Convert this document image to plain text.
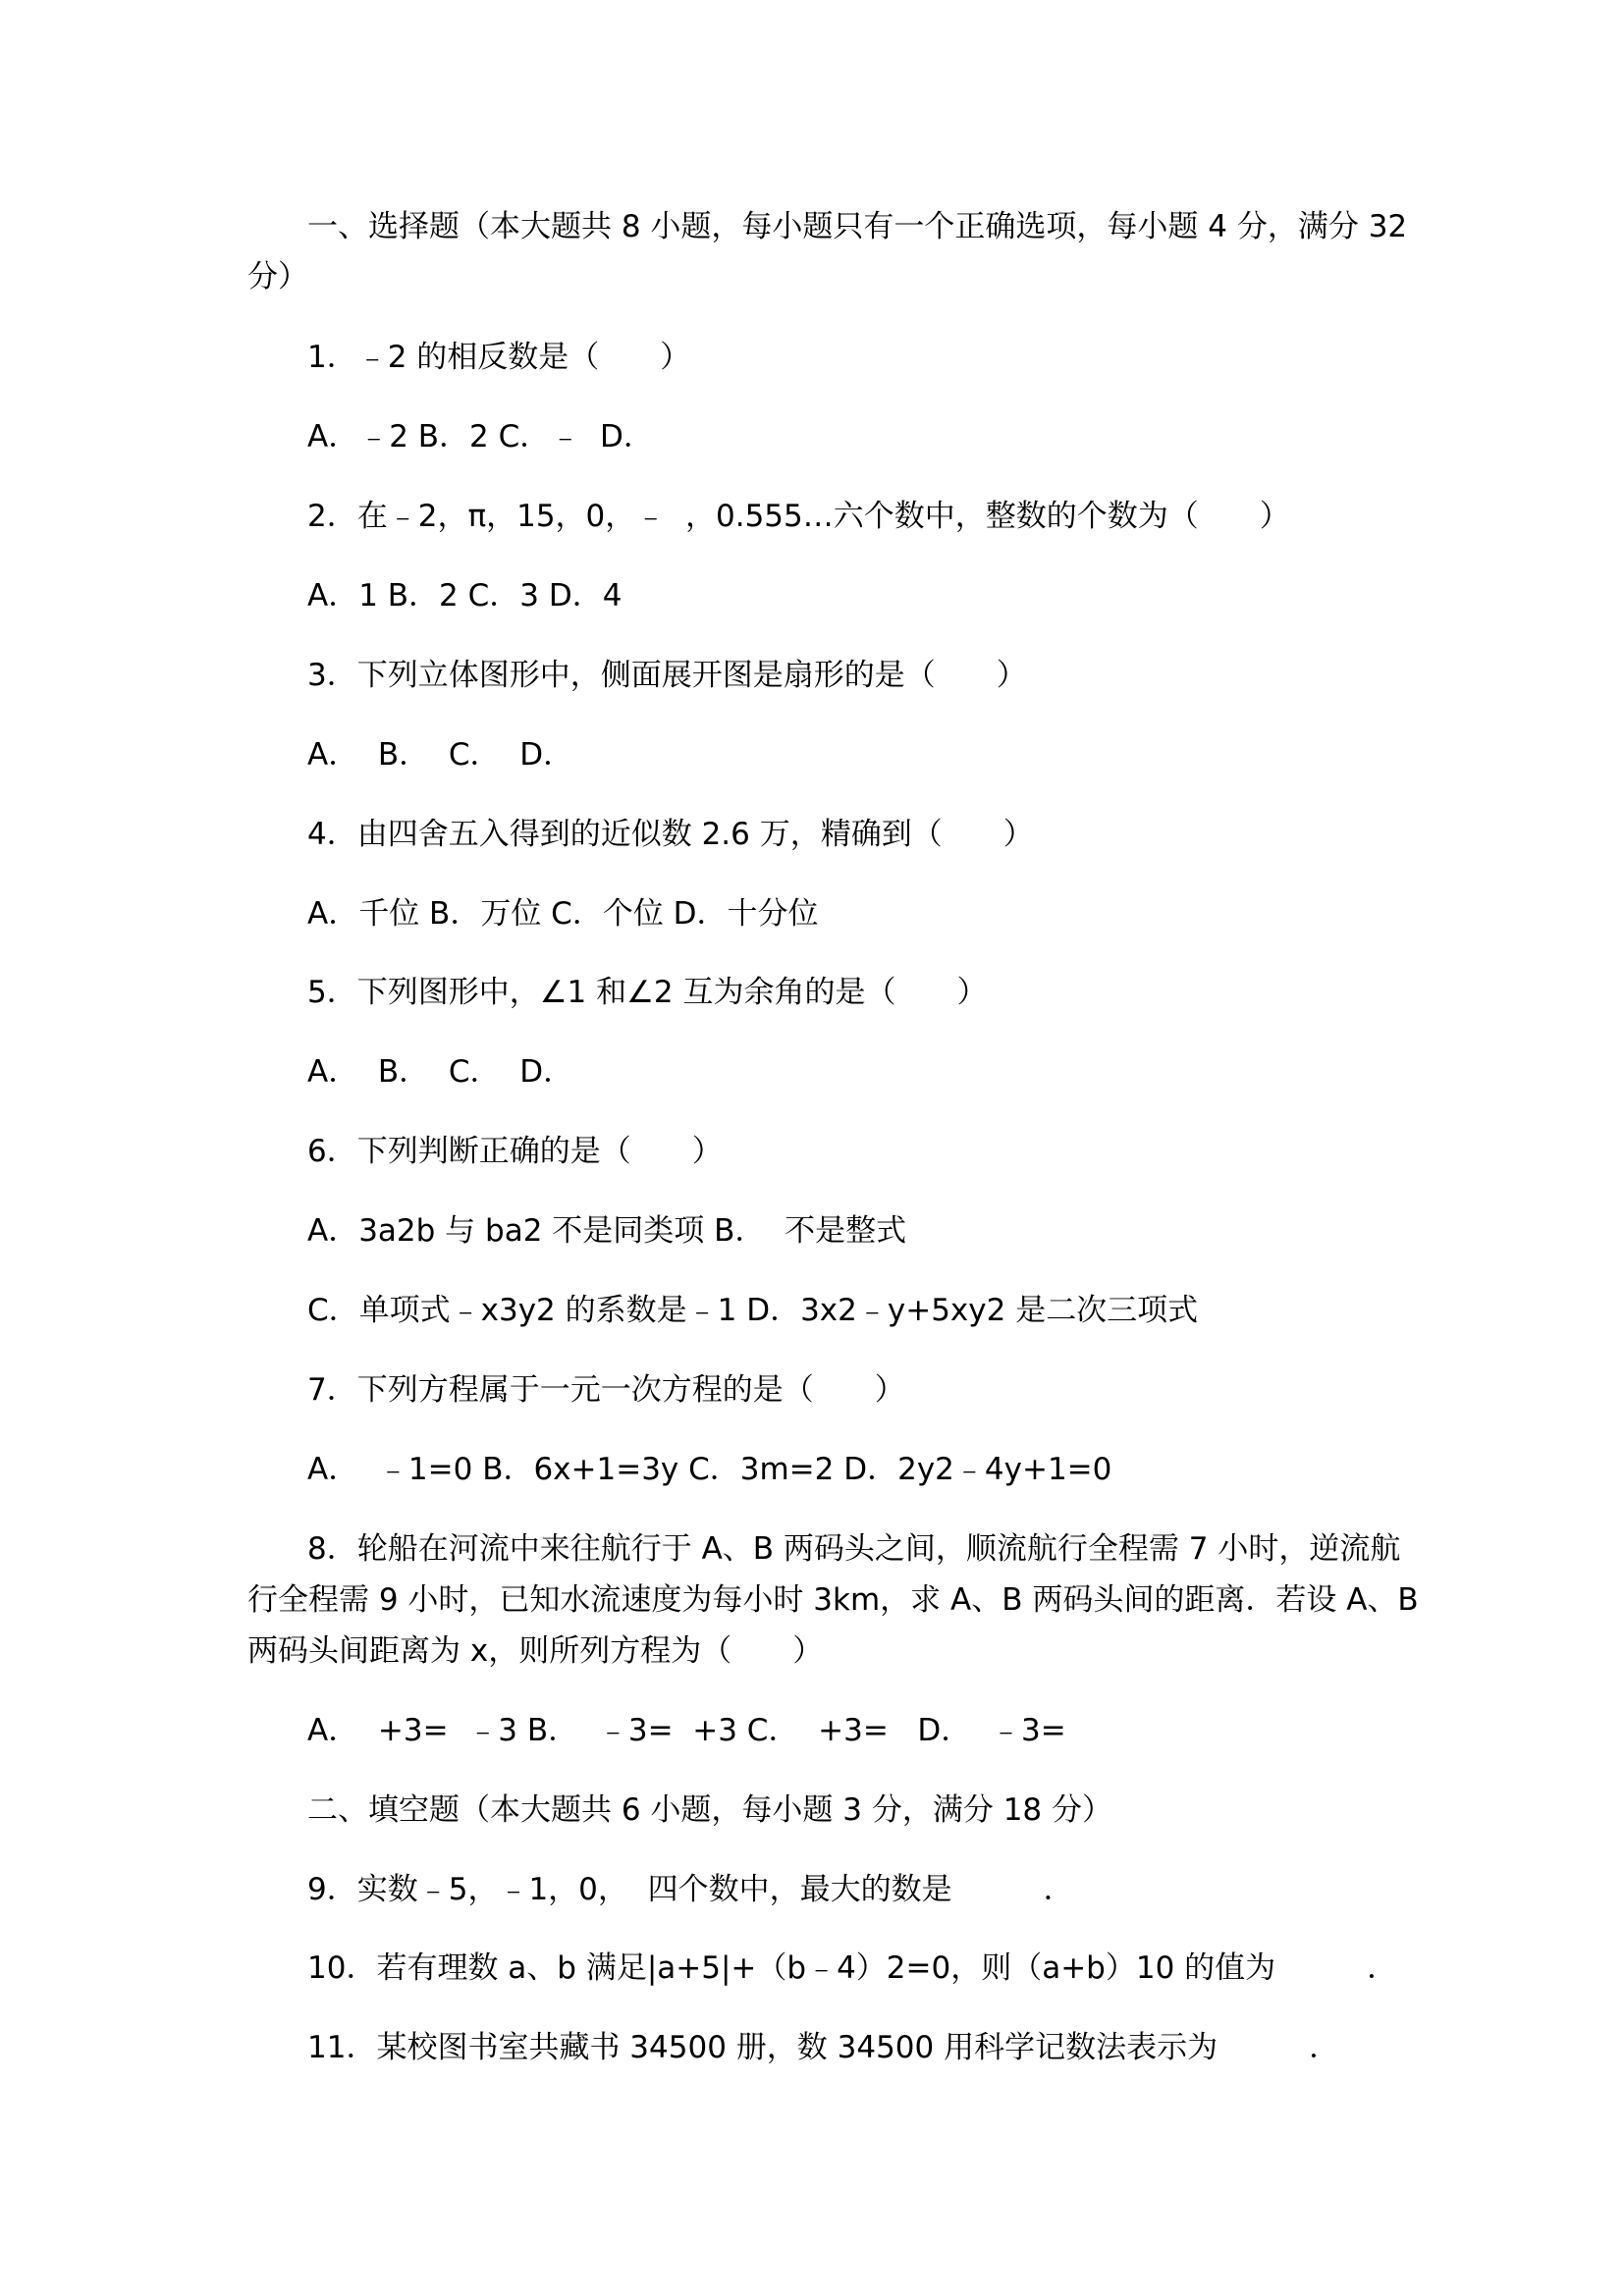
一、选择题（本大题共 8 小题，每小题只有一个正确选项，每小题 4 分，满分 32
分）
1．﹣2 的相反数是（　　）
A．﹣2 B．2 C．﹣  D．
2．在﹣2，π，15，0，﹣  ，0.555…六个数中，整数的个数为（　　）
A．1 B．2 C．3 D．4
3．下列立体图形中，侧面展开图是扇形的是（　　）
A．  B．  C．  D．
4．由四舍五入得到的近似数 2.6 万，精确到（　　）
A．千位 B．万位 C．个位 D．十分位
5．下列图形中，∠1 和∠2 互为余角的是（　　）
A．  B．  C．  D．
6．下列判断正确的是（　　）
A．3a2b 与 ba2 不是同类项 B．  不是整式
C．单项式﹣x3y2 的系数是﹣1 D．3x2﹣y+5xy2 是二次三项式
7．下列方程属于一元一次方程的是（　　）
A．  ﹣1=0 B．6x+1=3y C．3m=2 D．2y2﹣4y+1=0
8．轮船在河流中来往航行于 A、B 两码头之间，顺流航行全程需 7 小时，逆流航
行全程需 9 小时，已知水流速度为每小时 3km，求 A、B 两码头间的距离．若设 A、B
两码头间距离为 x，则所列方程为（　　）
A．  +3=  ﹣3 B．  ﹣3=  +3 C．  +3=   D．  ﹣3=
二、填空题（本大题共 6 小题，每小题 3 分，满分 18 分）
9．实数﹣5，﹣1，0，  四个数中，最大的数是　　　．
10．若有理数 a、b 满足|a+5|+（b﹣4）2=0，则（a+b）10 的值为　　　．
11．某校图书室共藏书 34500 册，数 34500 用科学记数法表示为　　　．
